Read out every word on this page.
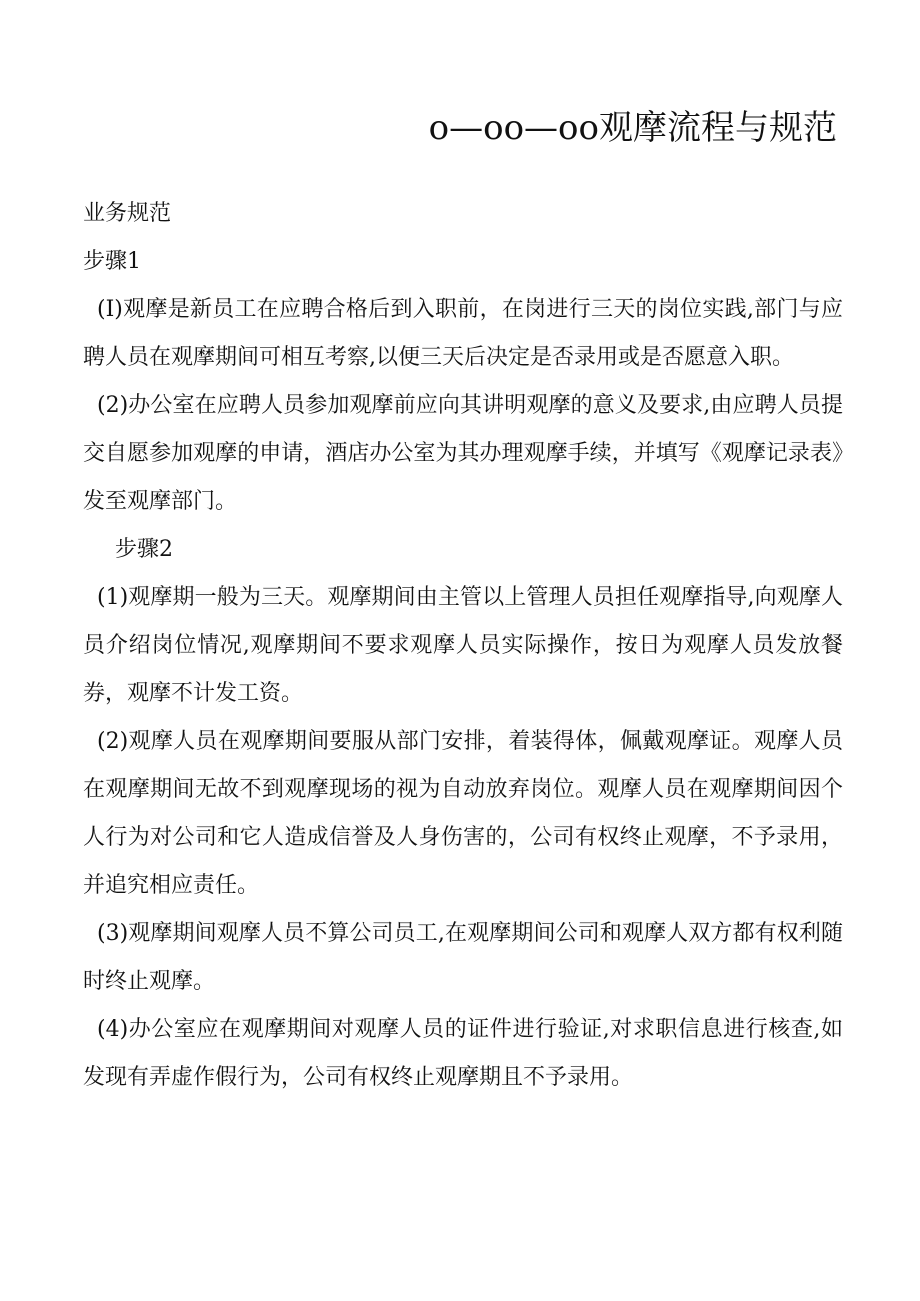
o—oo—oo观摩流程与规范

业务规范

步骤1

(I)观摩是新员工在应聘合格后到入职前，在岗进行三天的岗位实践,部门与应聘人员在观摩期间可相互考察,以便三天后决定是否录用或是否愿意入职。

(2)办公室在应聘人员参加观摩前应向其讲明观摩的意义及要求,由应聘人员提交自愿参加观摩的申请，酒店办公室为其办理观摩手续，并填写《观摩记录表》发至观摩部门。

步骤2

(1)观摩期一般为三天。观摩期间由主管以上管理人员担任观摩指导,向观摩人员介绍岗位情况,观摩期间不要求观摩人员实际操作，按日为观摩人员发放餐券，观摩不计发工资。

(2)观摩人员在观摩期间要服从部门安排，着装得体，佩戴观摩证。观摩人员在观摩期间无故不到观摩现场的视为自动放弃岗位。观摩人员在观摩期间因个人行为对公司和它人造成信誉及人身伤害的，公司有权终止观摩，不予录用，并追究相应责任。

(3)观摩期间观摩人员不算公司员工,在观摩期间公司和观摩人双方都有权利随时终止观摩。

(4)办公室应在观摩期间对观摩人员的证件进行验证,对求职信息进行核查,如发现有弄虚作假行为，公司有权终止观摩期且不予录用。
